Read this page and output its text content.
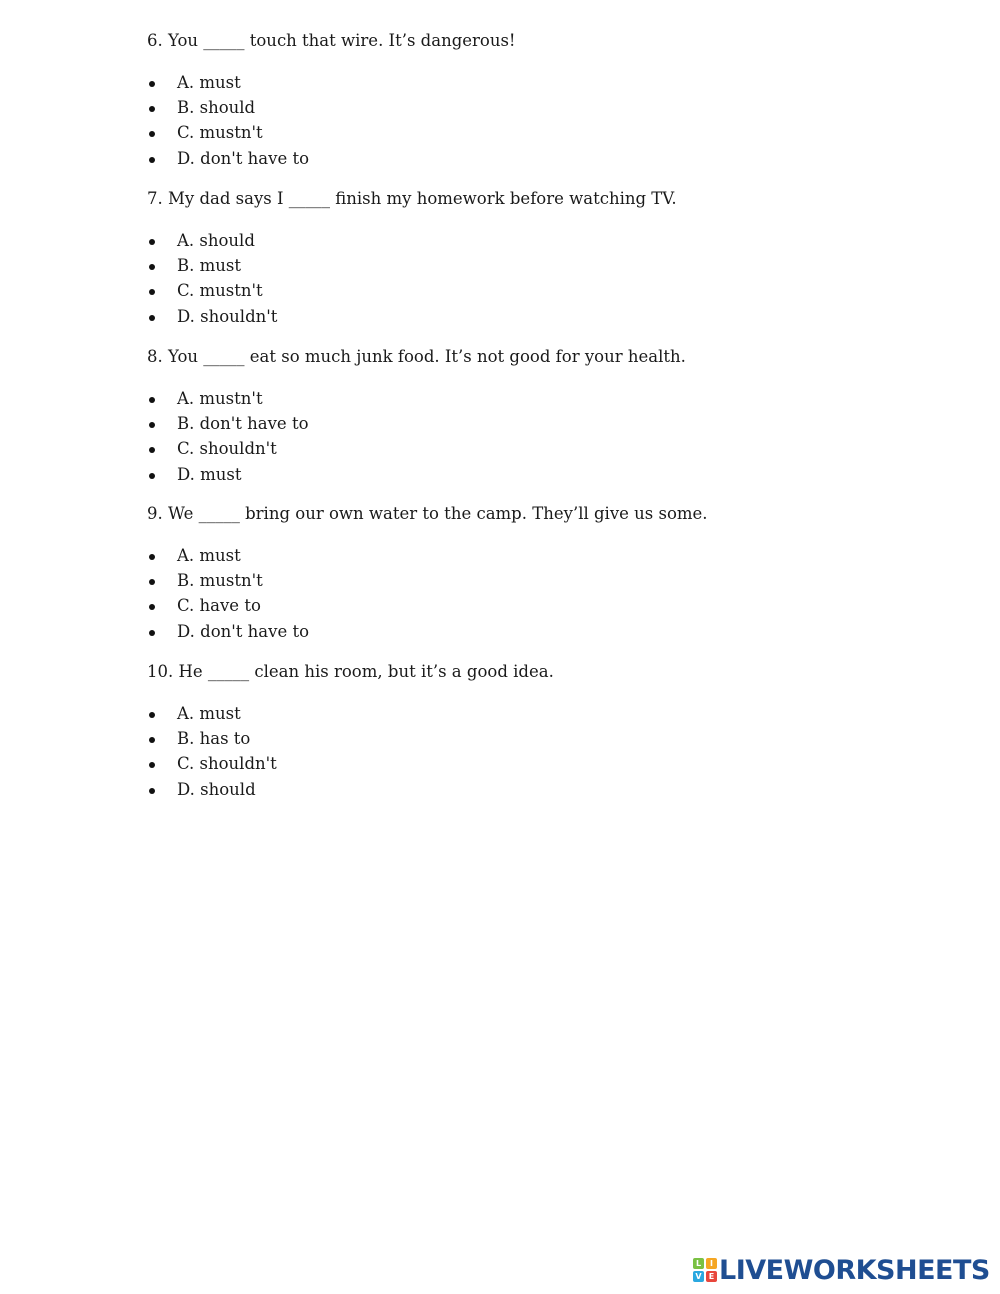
6. You _____ touch that wire. It’s dangerous!

A. must
B. should
C. mustn't
D. don't have to

7. My dad says I _____ finish my homework before watching TV.

A. should
B. must
C. mustn't
D. shouldn't

8. You _____ eat so much junk food. It’s not good for your health.

A. mustn't
B. don't have to
C. shouldn't
D. must

9. We _____ bring our own water to the camp. They’ll give us some.

A. must
B. mustn't
C. have to
D. don't have to

10. He _____ clean his room, but it’s a good idea.

A. must
B. has to
C. shouldn't
D. should
L	I
V E LIVEWORKSHEETS
